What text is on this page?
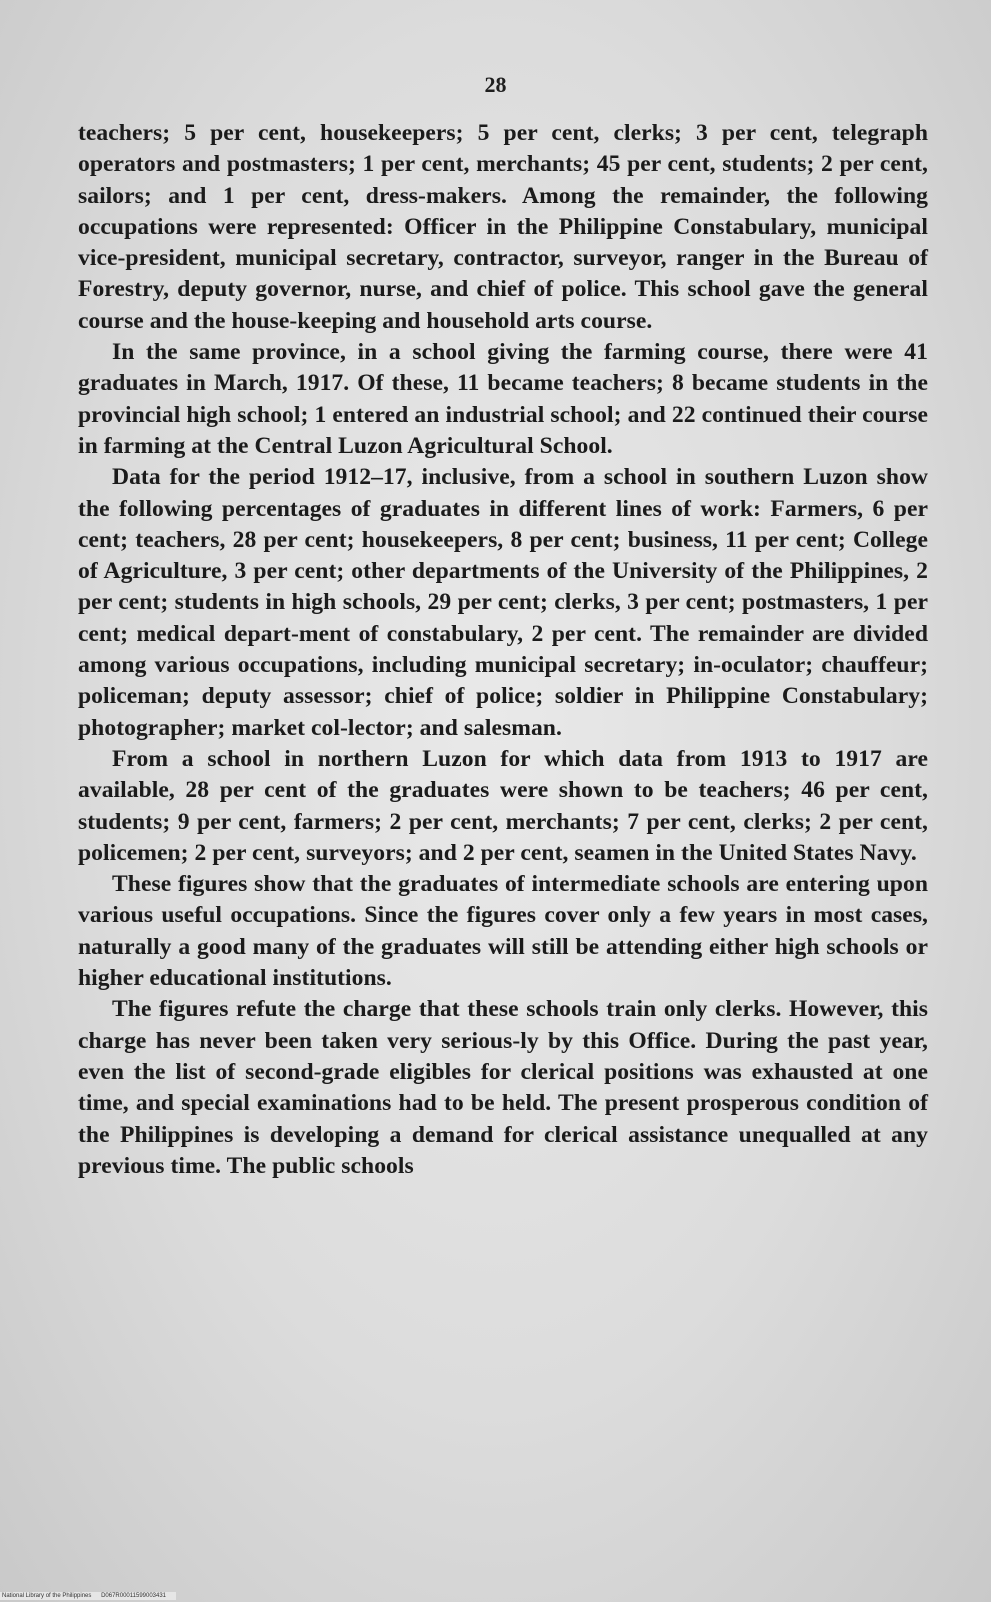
28

teachers; 5 per cent, housekeepers; 5 per cent, clerks; 3 per cent, telegraph operators and postmasters; 1 per cent, merchants; 45 per cent, students; 2 per cent, sailors; and 1 per cent, dress-makers. Among the remainder, the following occupations were represented: Officer in the Philippine Constabulary, municipal vice-president, municipal secretary, contractor, surveyor, ranger in the Bureau of Forestry, deputy governor, nurse, and chief of police. This school gave the general course and the house-keeping and household arts course.

In the same province, in a school giving the farming course, there were 41 graduates in March, 1917. Of these, 11 became teachers; 8 became students in the provincial high school; 1 entered an industrial school; and 22 continued their course in farming at the Central Luzon Agricultural School.

Data for the period 1912–17, inclusive, from a school in southern Luzon show the following percentages of graduates in different lines of work: Farmers, 6 per cent; teachers, 28 per cent; housekeepers, 8 per cent; business, 11 per cent; College of Agriculture, 3 per cent; other departments of the University of the Philippines, 2 per cent; students in high schools, 29 per cent; clerks, 3 per cent; postmasters, 1 per cent; medical depart-ment of constabulary, 2 per cent. The remainder are divided among various occupations, including municipal secretary; in-oculator; chauffeur; policeman; deputy assessor; chief of police; soldier in Philippine Constabulary; photographer; market col-lector; and salesman.

From a school in northern Luzon for which data from 1913 to 1917 are available, 28 per cent of the graduates were shown to be teachers; 46 per cent, students; 9 per cent, farmers; 2 per cent, merchants; 7 per cent, clerks; 2 per cent, policemen; 2 per cent, surveyors; and 2 per cent, seamen in the United States Navy.

These figures show that the graduates of intermediate schools are entering upon various useful occupations. Since the figures cover only a few years in most cases, naturally a good many of the graduates will still be attending either high schools or higher educational institutions.

The figures refute the charge that these schools train only clerks. However, this charge has never been taken very serious-ly by this Office. During the past year, even the list of second-grade eligibles for clerical positions was exhausted at one time, and special examinations had to be held. The present prosperous condition of the Philippines is developing a demand for clerical assistance unequalled at any previous time. The public schools

National Library of the Philippines D067R00011599003431
